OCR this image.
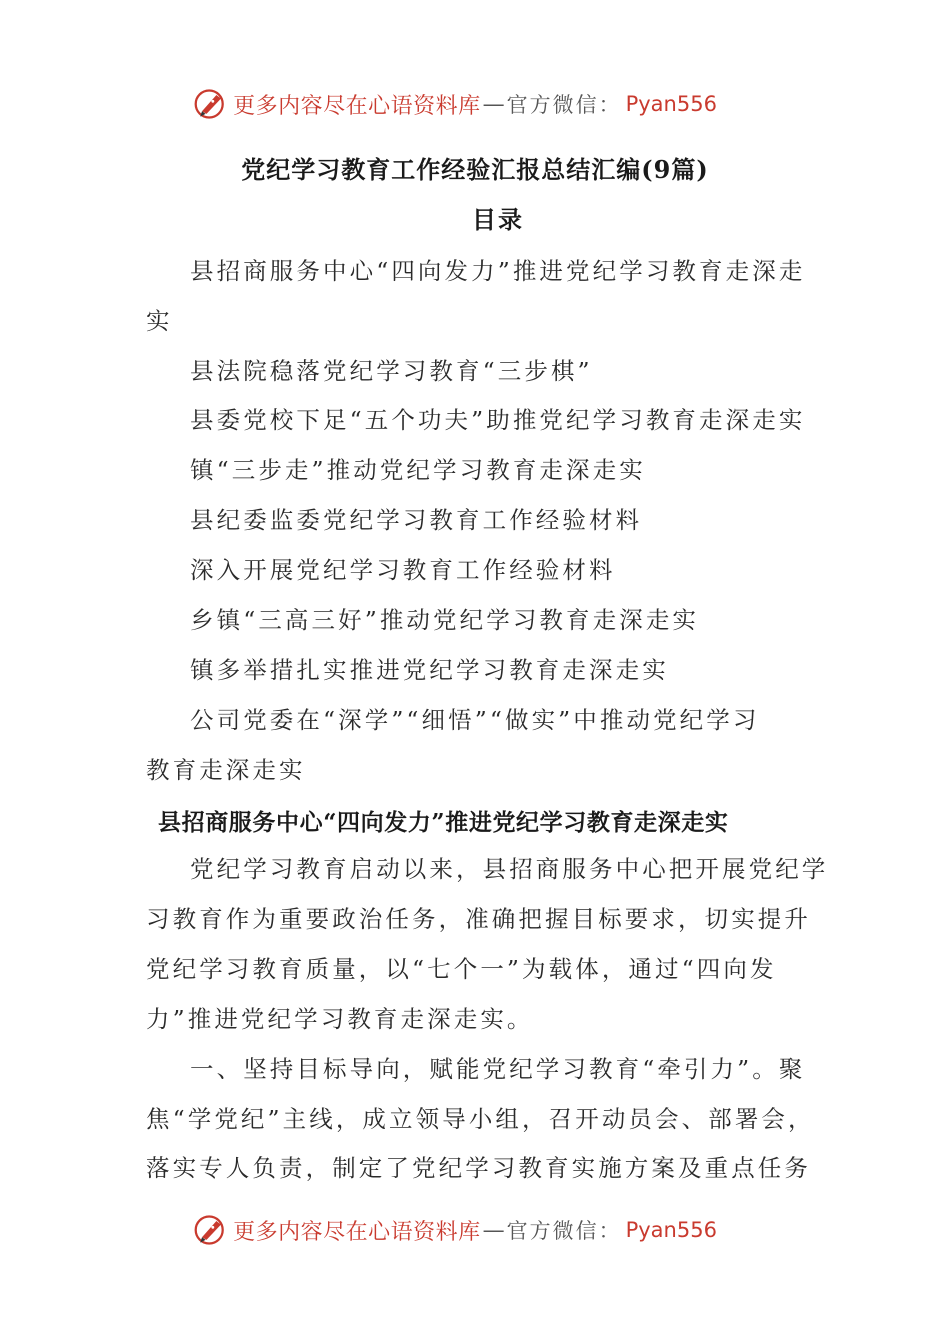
更多内容尽在心语资料库 — 官方微信： Pyan556
党纪学习教育工作经验汇报总结汇编(9篇)
目录
县招商服务中心“四向发力”推进党纪学习教育走深走
实
县法院稳落党纪学习教育“三步棋”
县委党校下足“五个功夫”助推党纪学习教育走深走实
镇“三步走”推动党纪学习教育走深走实
县纪委监委党纪学习教育工作经验材料
深入开展党纪学习教育工作经验材料
乡镇“三高三好”推动党纪学习教育走深走实
镇多举措扎实推进党纪学习教育走深走实
公司党委在“深学”“细悟”“做实”中推动党纪学习
教育走深走实
县招商服务中心“四向发力”推进党纪学习教育走深走实
党纪学习教育启动以来，县招商服务中心把开展党纪学
习教育作为重要政治任务，准确把握目标要求，切实提升
党纪学习教育质量，以“七个一”为载体，通过“四向发
力”推进党纪学习教育走深走实。
一、坚持目标导向，赋能党纪学习教育“牵引力”。聚
焦“学党纪”主线，成立领导小组，召开动员会、部署会，
落实专人负责，制定了党纪学习教育实施方案及重点任务
更多内容尽在心语资料库 — 官方微信： Pyan556
